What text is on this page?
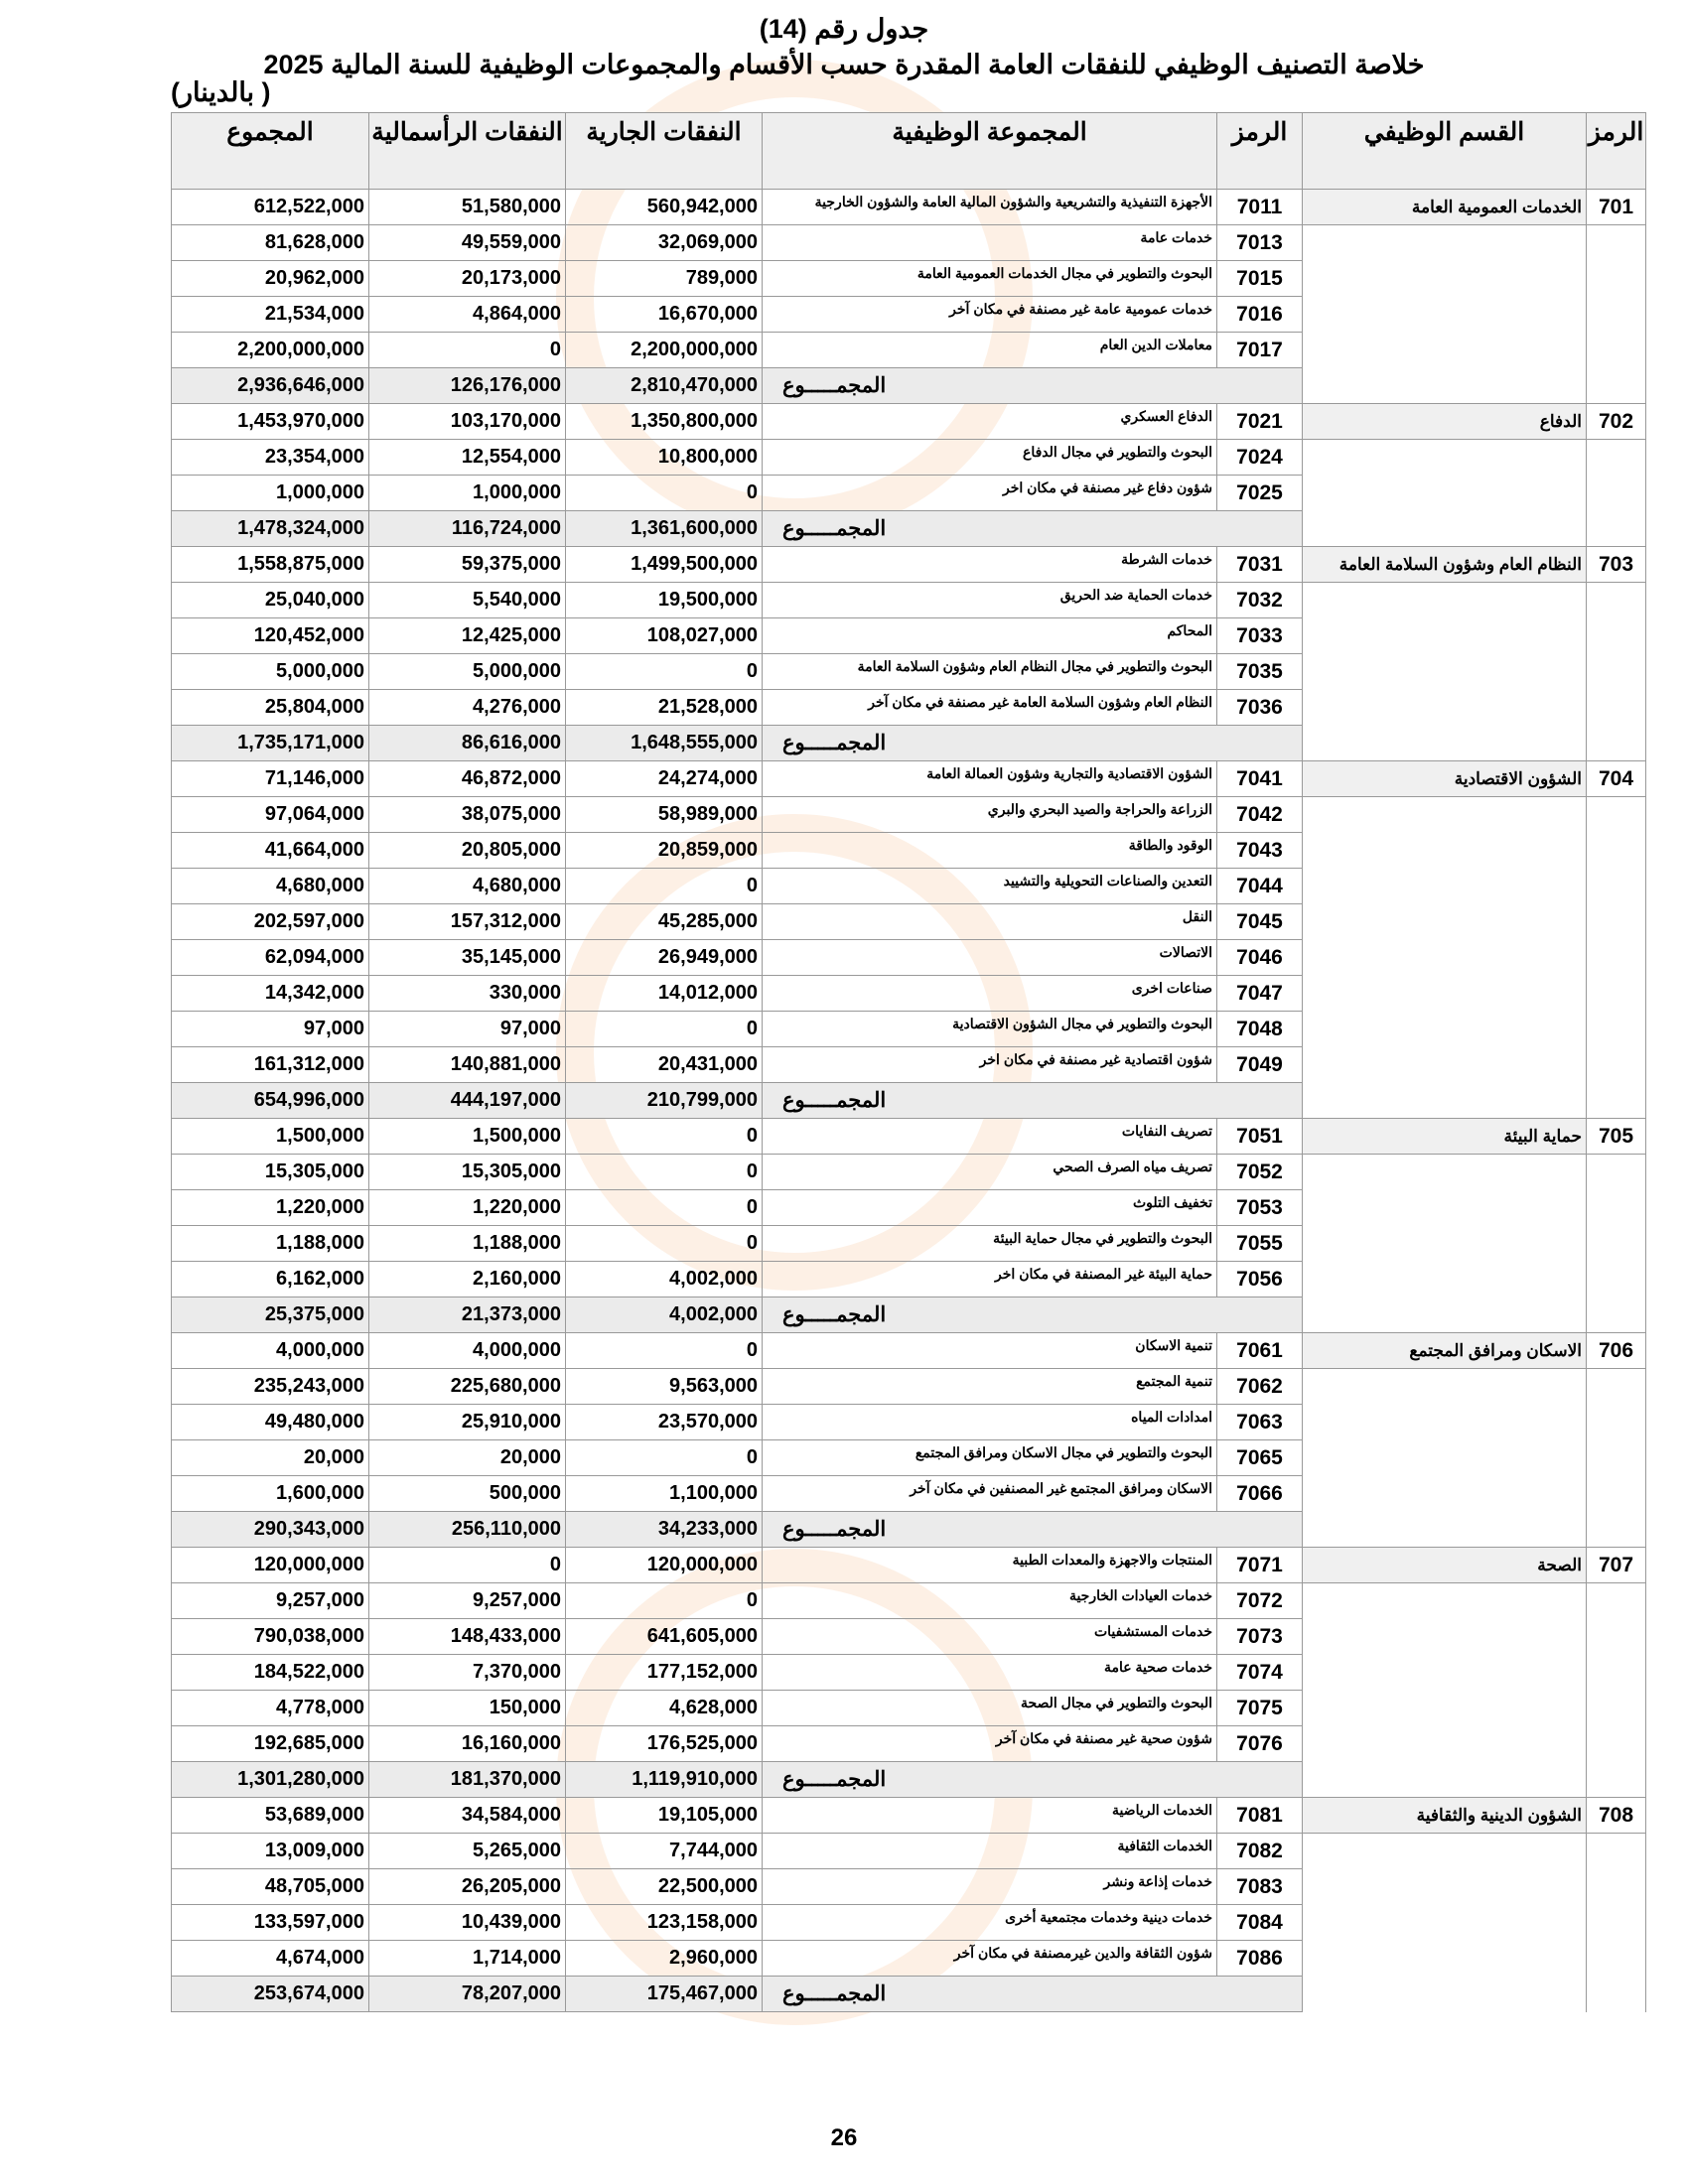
جدول رقم (14)
خلاصة التصنيف الوظيفي للنفقات العامة المقدرة حسب الأقسام والمجموعات الوظيفية للسنة المالية 2025
( بالدينار)
الرمز	القسم الوظيفي	الرمز	المجموعة الوظيفية	النفقات الجارية	النفقات الرأسمالية	المجموع
701	الخدمات العمومية العامة	7011	الأجهزة التنفيذية والتشريعية والشؤون المالية العامة والشؤون الخارجية	560,942,000	51,580,000	612,522,000
		7013	خدمات عامة	32,069,000	49,559,000	81,628,000
		7015	البحوث والتطوير في مجال الخدمات العمومية العامة	789,000	20,173,000	20,962,000
		7016	خدمات عمومية عامة غير مصنفة في مكان آخر	16,670,000	4,864,000	21,534,000
		7017	معاملات الدين العام	2,200,000,000	0	2,200,000,000
		المجمـــــوع		2,810,470,000	126,176,000	2,936,646,000
702	الدفاع	7021	الدفاع العسكري	1,350,800,000	103,170,000	1,453,970,000
		7024	البحوث والتطوير في مجال الدفاع	10,800,000	12,554,000	23,354,000
		7025	شؤون دفاع غير مصنفة في مكان اخر	0	1,000,000	1,000,000
		المجمـــــوع		1,361,600,000	116,724,000	1,478,324,000
703	النظام العام وشؤون السلامة العامة	7031	خدمات الشرطة	1,499,500,000	59,375,000	1,558,875,000
		7032	خدمات الحماية ضد الحريق	19,500,000	5,540,000	25,040,000
		7033	المحاكم	108,027,000	12,425,000	120,452,000
		7035	البحوث والتطوير في مجال النظام العام وشؤون السلامة العامة	0	5,000,000	5,000,000
		7036	النظام العام وشؤون السلامة العامة غير مصنفة في مكان آخر	21,528,000	4,276,000	25,804,000
		المجمـــــوع		1,648,555,000	86,616,000	1,735,171,000
704	الشؤون الاقتصادية	7041	الشؤون الاقتصادية والتجارية وشؤون العمالة العامة	24,274,000	46,872,000	71,146,000
		7042	الزراعة والحراجة والصيد البحري والبري	58,989,000	38,075,000	97,064,000
		7043	الوقود والطاقة	20,859,000	20,805,000	41,664,000
		7044	التعدين والصناعات التحويلية والتشييد	0	4,680,000	4,680,000
		7045	النقل	45,285,000	157,312,000	202,597,000
		7046	الاتصالات	26,949,000	35,145,000	62,094,000
		7047	صناعات اخرى	14,012,000	330,000	14,342,000
		7048	البحوث والتطوير في مجال الشؤون الاقتصادية	0	97,000	97,000
		7049	شؤون اقتصادية غير مصنفة في مكان اخر	20,431,000	140,881,000	161,312,000
		المجمـــــوع		210,799,000	444,197,000	654,996,000
705	حماية البيئة	7051	تصريف النفايات	0	1,500,000	1,500,000
		7052	تصريف مياه الصرف الصحي	0	15,305,000	15,305,000
		7053	تخفيف التلوث	0	1,220,000	1,220,000
		7055	البحوث والتطوير في مجال حماية البيئة	0	1,188,000	1,188,000
		7056	حماية البيئة غير المصنفة في مكان اخر	4,002,000	2,160,000	6,162,000
		المجمـــــوع		4,002,000	21,373,000	25,375,000
706	الاسكان ومرافق المجتمع	7061	تنمية الاسكان	0	4,000,000	4,000,000
		7062	تنمية المجتمع	9,563,000	225,680,000	235,243,000
		7063	امدادات المياه	23,570,000	25,910,000	49,480,000
		7065	البحوث والتطوير في مجال الاسكان ومرافق المجتمع	0	20,000	20,000
		7066	الاسكان ومرافق المجتمع غير المصنفين في مكان آخر	1,100,000	500,000	1,600,000
		المجمـــــوع		34,233,000	256,110,000	290,343,000
707	الصحة	7071	المنتجات والاجهزة والمعدات الطبية	120,000,000	0	120,000,000
		7072	خدمات العيادات الخارجية	0	9,257,000	9,257,000
		7073	خدمات المستشفيات	641,605,000	148,433,000	790,038,000
		7074	خدمات صحية عامة	177,152,000	7,370,000	184,522,000
		7075	البحوث والتطوير في مجال الصحة	4,628,000	150,000	4,778,000
		7076	شؤون صحية غير مصنفة في مكان آخر	176,525,000	16,160,000	192,685,000
		المجمـــــوع		1,119,910,000	181,370,000	1,301,280,000
708	الشؤون الدينية والثقافية	7081	الخدمات الرياضية	19,105,000	34,584,000	53,689,000
		7082	الخدمات الثقافية	7,744,000	5,265,000	13,009,000
		7083	خدمات إذاعة ونشر	22,500,000	26,205,000	48,705,000
		7084	خدمات دينية وخدمات مجتمعية أخرى	123,158,000	10,439,000	133,597,000
		7086	شؤون الثقافة والدين غيرمصنفة في مكان آخر	2,960,000	1,714,000	4,674,000
		المجمـــــوع		175,467,000	78,207,000	253,674,000
26
